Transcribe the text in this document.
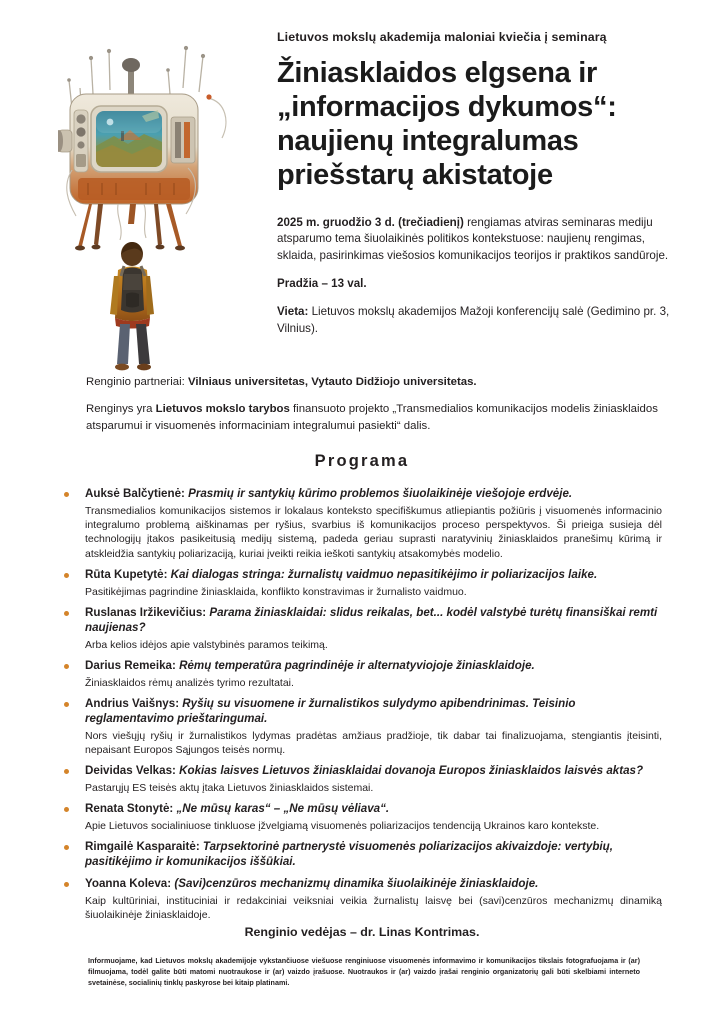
Lietuvos mokslų akademija maloniai kviečia į seminarą
Žiniasklaidos elgsena ir
„informacijos dykumos“:
naujienų integralumas
priešstarų akistatoje

2025 m. gruodžio 3 d. (trečiadienį) rengiamas atviras seminaras mediju atsparumo tema šiuolaikinės politikos kontekstuose: naujienų rengimas, sklaida, pasirinkimas viešosios komunikacijos teorijos ir praktikos sandūroje.

Pradžia – 13 val.

Vieta: Lietuvos mokslų akademijos Mažoji konferencijų salė (Gedimino pr. 3, Vilnius).

Renginio partneriai: Vilniaus universitetas, Vytauto Didžiojo universitetas.

Renginys yra Lietuvos mokslo tarybos finansuoto projekto „Transmedialios komunikacijos modelis žiniasklaidos atsparumui ir visuomenės informaciniam integralumui pasiekti“ dalis.

Programa

Auksė Balčytienė: Prasmių ir santykių kūrimo problemos šiuolaikinėje viešojoje erdvėje.

Transmedialios komunikacijos sistemos ir lokalaus konteksto specifiškumus atliepiantis požiūris į visuomenės informacinio integralumo problemą aiškinamas per ryšius, svarbius iš komunikacijos proceso perspektyvos. Ši prieiga susieja dėl technologijų įtakos pasikeitusią medijų sistemą, padeda geriau suprasti naratyvinių žiniasklaidos pranešimų kūrimą ir atskleidžia santykių poliarizaciją, kuriai įveikti reikia ieškoti santykių atsakomybės modelio.

Rūta Kupetytė: Kai dialogas stringa: žurnalistų vaidmuo nepasitikėjimo ir poliarizacijos laike.

Pasitikėjimas pagrindine žiniasklaida, konflikto konstravimas ir žurnalisto vaidmuo.

Ruslanas Iržikevičius: Parama žiniasklaidai: slidus reikalas, bet... kodėl valstybė turėtų finansiškai remti naujienas?

Arba kelios idėjos apie valstybinės paramos teikimą.

Darius Remeika: Rėmų temperatūra pagrindinėje ir alternatyviojoje žiniasklaidoje.

Žiniasklaidos rėmų analizės tyrimo rezultatai.

Andrius Vaišnys: Ryšių su visuomene ir žurnalistikos sulydymo apibendrinimas. Teisinio reglamentavimo prieštaringumai.

Nors viešųjų ryšių ir žurnalistikos lydymas pradėtas amžiaus pradžioje, tik dabar tai finalizuojama, stengiantis įteisinti, nepaisant Europos Sąjungos teisės normų.

Deividas Velkas: Kokias laisves Lietuvos žiniasklaidai dovanoja Europos žiniasklaidos laisvės aktas?

Pastarųjų ES teisės aktų įtaka Lietuvos žiniasklaidos sistemai.

Renata Stonytė: „Ne mūsų karas“ – „Ne mūsų vėliava“.

Apie Lietuvos socialiniuose tinkluose įžvelgiamą visuomenės poliarizacijos tendenciją Ukrainos karo kontekste.

Rimgailė Kasparaitė: Tarpsektorinė partnerystė visuomenės poliarizacijos akivaizdoje: vertybių, pasitikėjimo ir komunikacijos iššūkiai.

Yoanna Koleva: (Savi)cenzūros mechanizmų dinamika šiuolaikinėje žiniasklaidoje.

Kaip kultūriniai, instituciniai ir redakciniai veiksniai veikia žurnalistų laisvę bei (savi)cenzūros mechanizmų dinamiką šiuolaikinėje žiniasklaidoje.

Renginio vedėjas – dr. Linas Kontrimas.
Informuojame, kad Lietuvos mokslų akademijoje vykstančiuose viešuose renginiuose visuomenės informavimo ir komunikacijos tikslais fotografuojama ir (ar) filmuojama, todėl galite būti matomi nuotraukose ir (ar) vaizdo įrašuose. Nuotraukos ir (ar) vaizdo įrašai renginio organizatorių gali būti skelbiami interneto svetainėse, socialinių tinklų paskyrose bei kitaip platinami.
